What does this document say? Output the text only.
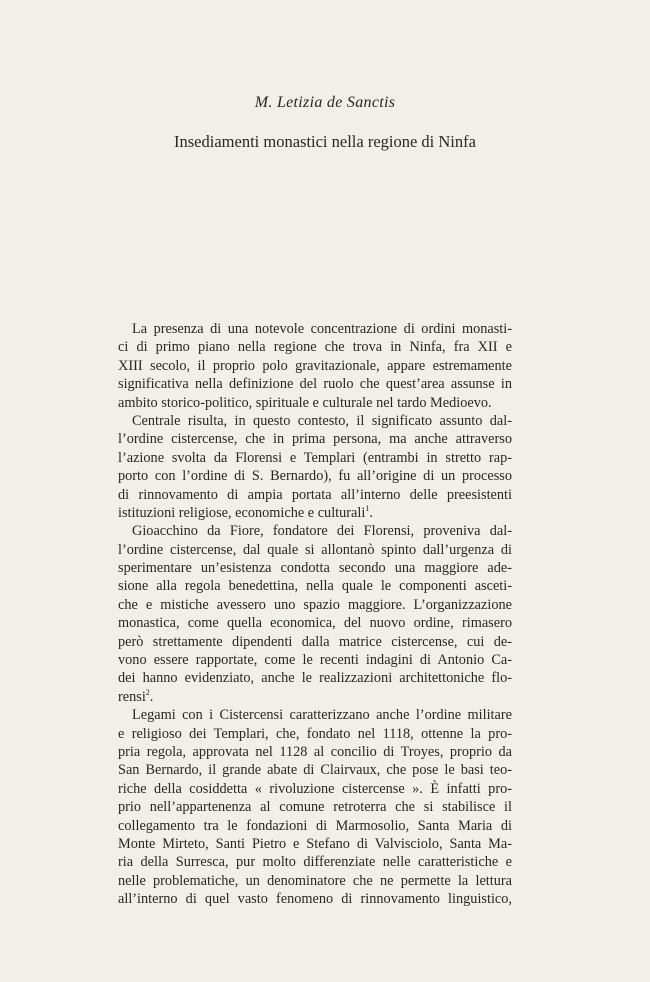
M. Letizia de Sanctis
Insediamenti monastici nella regione di Ninfa
La presenza di una notevole concentrazione di ordini monasti-
ci di primo piano nella regione che trova in Ninfa, fra XII e
XIII secolo, il proprio polo gravitazionale, appare estremamente
significativa nella definizione del ruolo che quest’area assunse in
ambito storico-politico, spirituale e culturale nel tardo Medioevo.
Centrale risulta, in questo contesto, il significato assunto dal-
l’ordine cistercense, che in prima persona, ma anche attraverso
l’azione svolta da Florensi e Templari (entrambi in stretto rap-
porto con l’ordine di S. Bernardo), fu all’origine di un processo
di rinnovamento di ampia portata all’interno delle preesistenti
istituzioni religiose, economiche e culturali$^1$.
Gioacchino da Fiore, fondatore dei Florensi, proveniva dal-
l’ordine cistercense, dal quale si allontanò spinto dall’urgenza di
sperimentare un’esistenza condotta secondo una maggiore ade-
sione alla regola benedettina, nella quale le componenti asceti-
che e mistiche avessero uno spazio maggiore. L’organizzazione
monastica, come quella economica, del nuovo ordine, rimasero
però strettamente dipendenti dalla matrice cistercense, cui de-
vono essere rapportate, come le recenti indagini di Antonio Ca-
dei hanno evidenziato, anche le realizzazioni architettoniche flo-
rensi$^2$.
Legami con i Cistercensi caratterizzano anche l’ordine militare
e religioso dei Templari, che, fondato nel 1118, ottenne la pro-
pria regola, approvata nel 1128 al concilio di Troyes, proprio da
San Bernardo, il grande abate di Clairvaux, che pose le basi teo-
riche della cosiddetta « rivoluzione cistercense ». È infatti pro-
prio nell’appartenenza al comune retroterra che si stabilisce il
collegamento tra le fondazioni di Marmosolio, Santa Maria di
Monte Mirteto, Santi Pietro e Stefano di Valvisciolo, Santa Ma-
ria della Surresca, pur molto differenziate nelle caratteristiche e
nelle problematiche, un denominatore che ne permette la lettura
all’interno di quel vasto fenomeno di rinnovamento linguistico,
